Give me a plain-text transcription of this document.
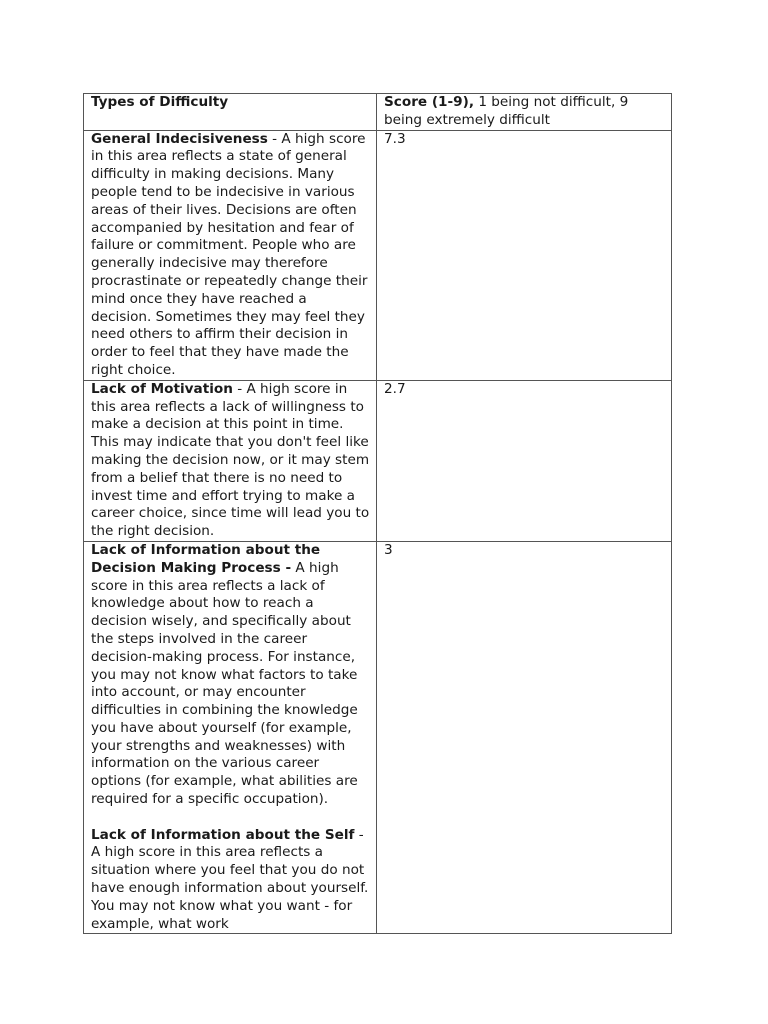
Types of Difficulty	Score (1-9), 1 being not difficult, 9 being extremely difficult
General Indecisiveness - A high score in this area reflects a state of general difficulty in making decisions. Many people tend to be indecisive in various areas of their lives. Decisions are often accompanied by hesitation and fear of failure or commitment. People who are generally indecisive may therefore procrastinate or repeatedly change their mind once they have reached a decision. Sometimes they may feel they need others to affirm their decision in order to feel that they have made the right choice.	7.3
Lack of Motivation - A high score in this area reflects a lack of willingness to make a decision at this point in time. This may indicate that you don't feel like making the decision now, or it may stem from a belief that there is no need to invest time and effort trying to make a career choice, since time will lead you to the right decision.	2.7

Lack of Information about the Decision Making Process - A high score in this area reflects a lack of knowledge about how to reach a decision wisely, and specifically about the steps involved in the career decision-making process. For instance, you may not know what factors to take into account, or may encounter difficulties in combining the knowledge you have about yourself (for example, your strengths and weaknesses) with information on the various career options (for example, what abilities are required for a specific occupation).
Lack of Information about the Self - A high score in this area reflects a situation where you feel that you do not have enough information about yourself. You may not know what you want - for example, what work	3
